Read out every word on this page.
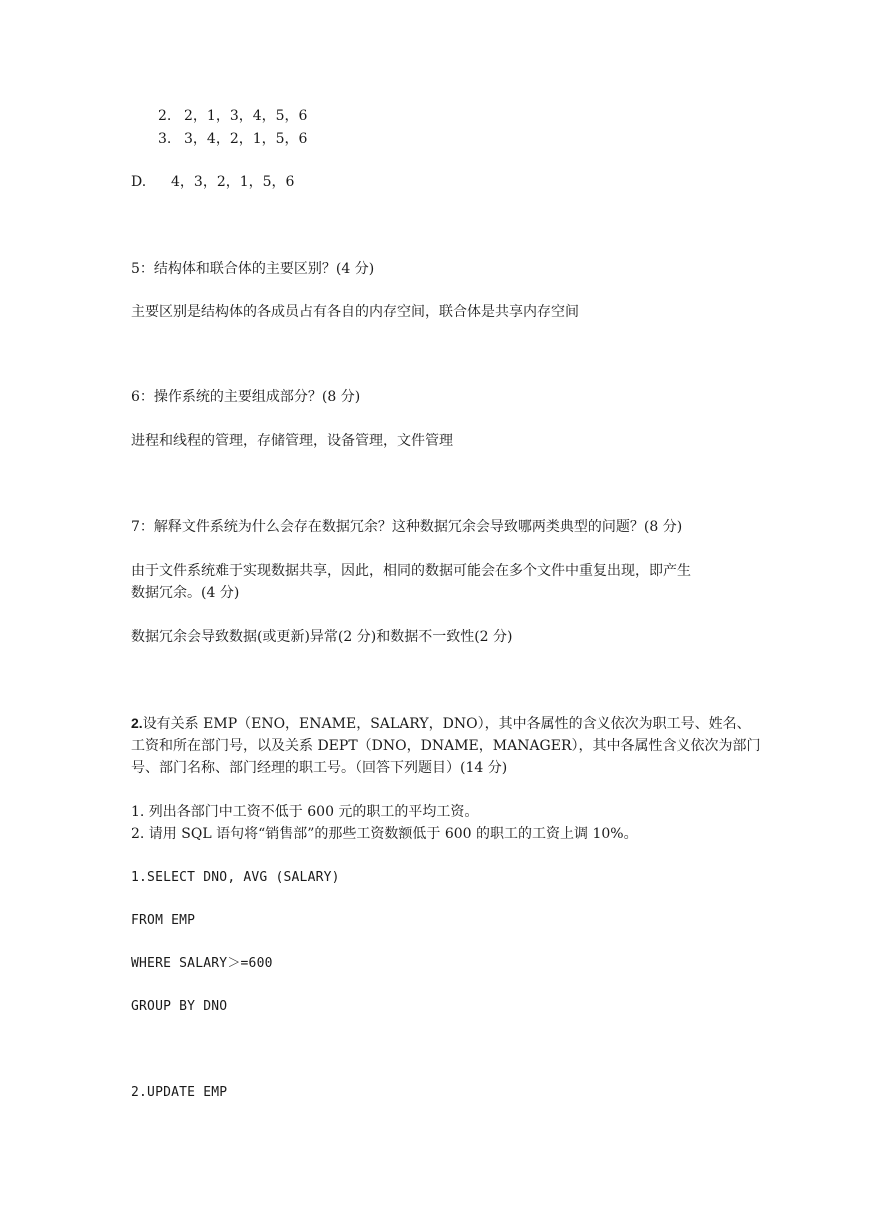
2. 2，1，3，4，5，6
3. 3，4，2，1，5，6
D. 4，3，2，1，5，6
5：结构体和联合体的主要区别？(4 分)
主要区别是结构体的各成员占有各自的内存空间，联合体是共享内存空间
6：操作系统的主要组成部分？(8 分)
进程和线程的管理，存储管理，设备管理，文件管理
7：解释文件系统为什么会存在数据冗余？这种数据冗余会导致哪两类典型的问题？(8 分)
由于文件系统难于实现数据共享，因此，相同的数据可能会在多个文件中重复出现，即产生
数据冗余。(4 分)
数据冗余会导致数据(或更新)异常(2 分)和数据不一致性(2 分)
2.设有关系 EMP（ENO，ENAME，SALARY，DNO），其中各属性的含义依次为职工号、姓名、
工资和所在部门号，以及关系 DEPT（DNO，DNAME，MANAGER），其中各属性含义依次为部门
号、部门名称、部门经理的职工号。（回答下列题目）(14 分)
1. 列出各部门中工资不低于 600 元的职工的平均工资。
2. 请用 SQL 语句将“销售部”的那些工资数额低于 600 的职工的工资上调 10%。
1.SELECT DNO, AVG (SALARY)
FROM EMP
WHERE SALARY＞=600
GROUP BY DNO
2.UPDATE EMP
